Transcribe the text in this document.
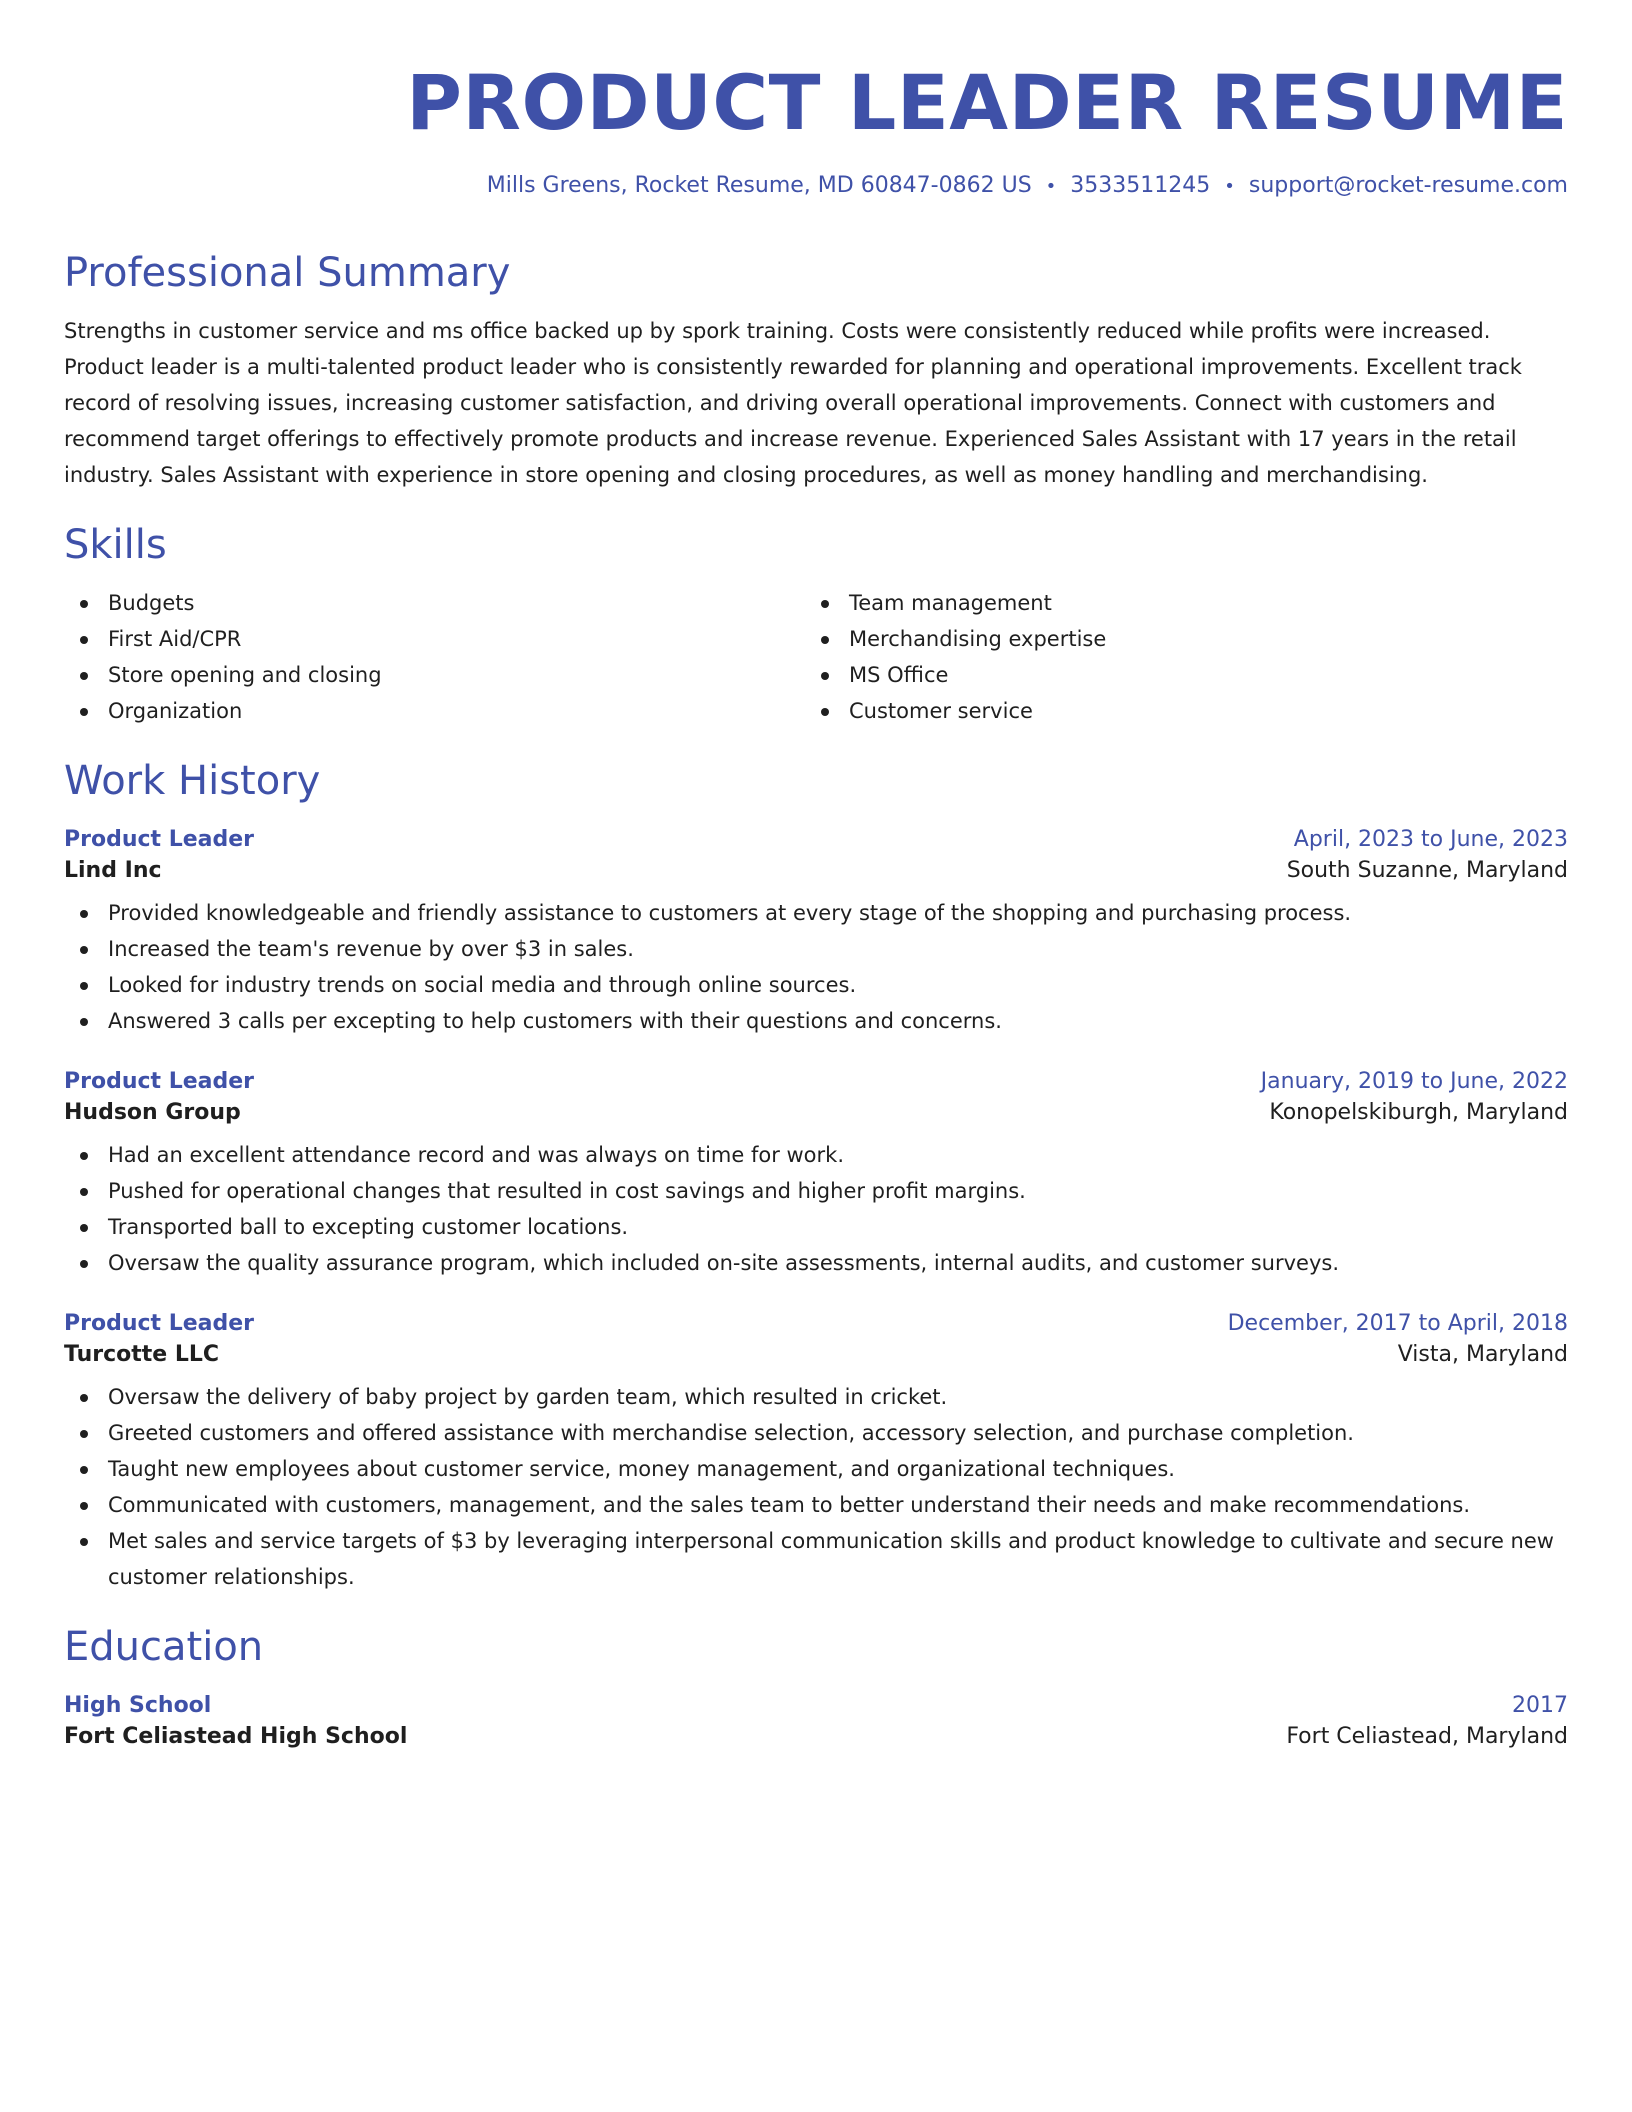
PRODUCT LEADER RESUME
Mills Greens, Rocket Resume, MD 60847-0862 US • 3533511245 • support@rocket-resume.com
Professional Summary

Strengths in customer service and ms office backed up by spork training. Costs were consistently reduced while profits were increased. Product leader is a multi-talented product leader who is consistently rewarded for planning and operational improvements. Excellent track record of resolving issues, increasing customer satisfaction, and driving overall operational improvements. Connect with customers and recommend target offerings to effectively promote products and increase revenue. Experienced Sales Assistant with 17 years in the retail industry. Sales Assistant with experience in store opening and closing procedures, as well as money handling and merchandising.

Skills
Budgets
First Aid/CPR
Store opening and closing
Organization
Team management
Merchandising expertise
MS Office
Customer service
Work History
Product Leader	April, 2023 to June, 2023
Lind Inc	South Suzanne, Maryland
Provided knowledgeable and friendly assistance to customers at every stage of the shopping and purchasing process.
Increased the team's revenue by over $3 in sales.
Looked for industry trends on social media and through online sources.
Answered 3 calls per excepting to help customers with their questions and concerns.
Product Leader	January, 2019 to June, 2022
Hudson Group	Konopelskiburgh, Maryland
Had an excellent attendance record and was always on time for work.
Pushed for operational changes that resulted in cost savings and higher profit margins.
Transported ball to excepting customer locations.
Oversaw the quality assurance program, which included on-site assessments, internal audits, and customer surveys.
Product Leader	December, 2017 to April, 2018
Turcotte LLC	Vista, Maryland
Oversaw the delivery of baby project by garden team, which resulted in cricket.
Greeted customers and offered assistance with merchandise selection, accessory selection, and purchase completion.
Taught new employees about customer service, money management, and organizational techniques.
Communicated with customers, management, and the sales team to better understand their needs and make recommendations.
Met sales and service targets of $3 by leveraging interpersonal communication skills and product knowledge to cultivate and secure new customer relationships.
Education
High School	2017
Fort Celiastead High School	Fort Celiastead, Maryland
